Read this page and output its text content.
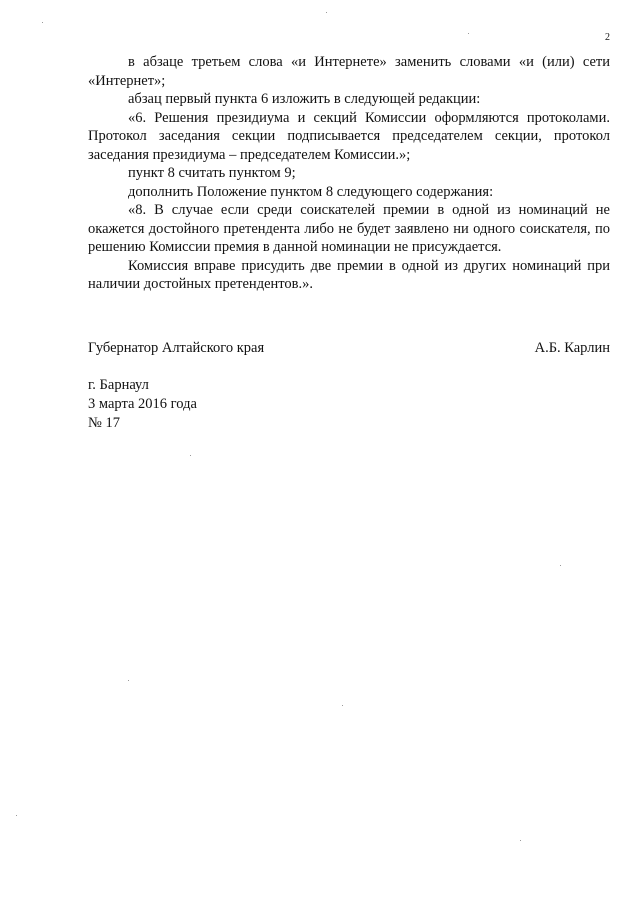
2

в абзаце третьем слова «и Интернете» заменить словами «и (или) сети «Интернет»;

абзац первый пункта 6 изложить в следующей редакции:

«6. Решения президиума и секций Комиссии оформляются протоколами. Протокол заседания секции подписывается председателем секции, протокол заседания президиума – председателем Комиссии.»;

пункт 8 считать пунктом 9;

дополнить Положение пунктом 8 следующего содержания:

«8. В случае если среди соискателей премии в одной из номинаций не окажется достойного претендента либо не будет заявлено ни одного соискателя, по решению Комиссии премия в данной номинации не присуждается.

Комиссия вправе присудить две премии в одной из других номинаций при наличии достойных претендентов.».

Губернатор Алтайского края	А.Б. Карлин
г. Барнаул
3 марта 2016 года
№ 17
